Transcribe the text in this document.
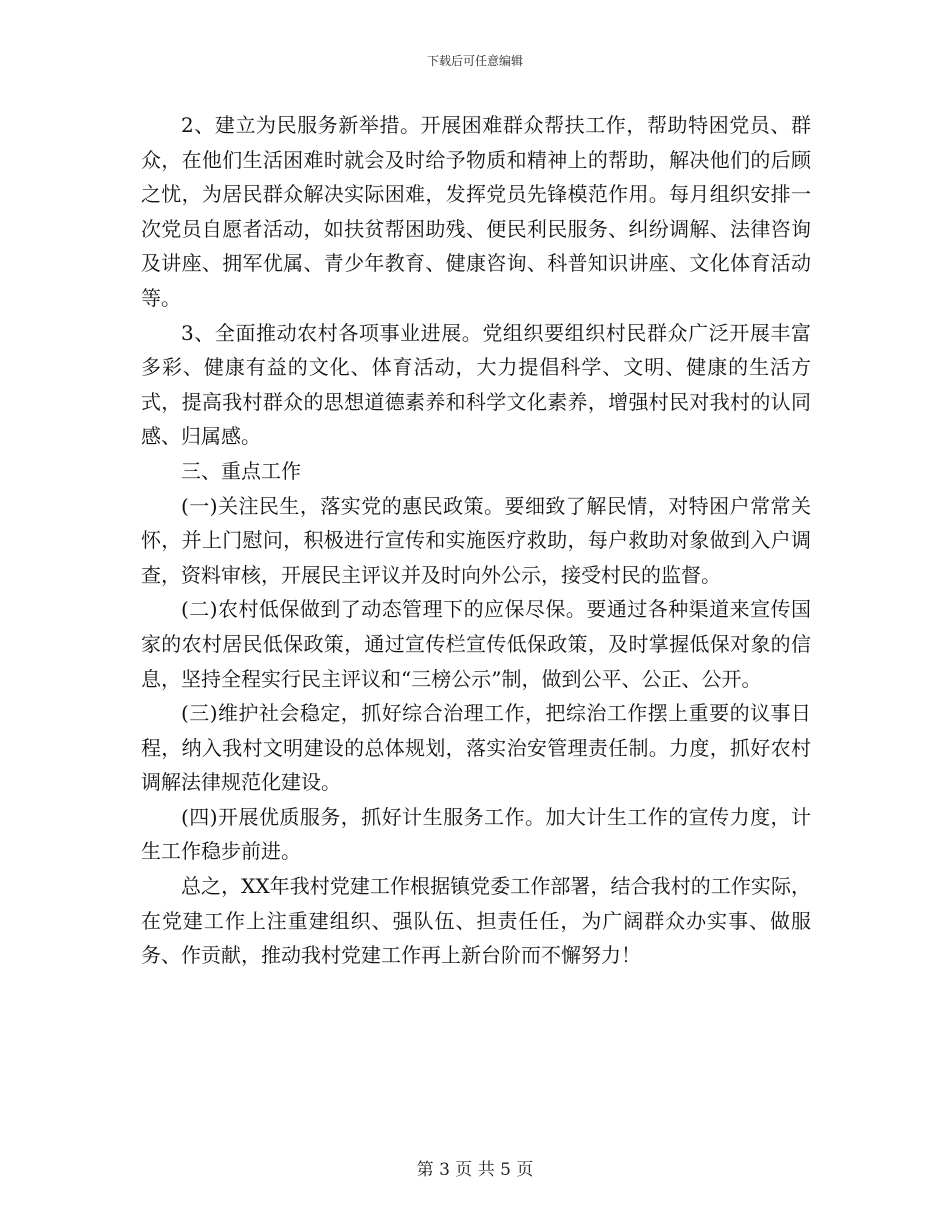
下载后可任意编辑

2、建立为民服务新举措。开展困难群众帮扶工作，帮助特困党员、群众，在他们生活困难时就会及时给予物质和精神上的帮助，解决他们的后顾之忧，为居民群众解决实际困难，发挥党员先锋模范作用。每月组织安排一次党员自愿者活动，如扶贫帮困助残、便民利民服务、纠纷调解、法律咨询及讲座、拥军优属、青少年教育、健康咨询、科普知识讲座、文化体育活动等。

3、全面推动农村各项事业进展。党组织要组织村民群众广泛开展丰富多彩、健康有益的文化、体育活动，大力提倡科学、文明、健康的生活方式，提高我村群众的思想道德素养和科学文化素养，增强村民对我村的认同感、归属感。

三、重点工作

(一)关注民生，落实党的惠民政策。要细致了解民情，对特困户常常关怀，并上门慰问，积极进行宣传和实施医疗救助，每户救助对象做到入户调查，资料审核，开展民主评议并及时向外公示，接受村民的监督。

(二)农村低保做到了动态管理下的应保尽保。要通过各种渠道来宣传国家的农村居民低保政策，通过宣传栏宣传低保政策，及时掌握低保对象的信息，坚持全程实行民主评议和“三榜公示”制，做到公平、公正、公开。

(三)维护社会稳定，抓好综合治理工作，把综治工作摆上重要的议事日程，纳入我村文明建设的总体规划，落实治安管理责任制。力度，抓好农村调解法律规范化建设。

(四)开展优质服务，抓好计生服务工作。加大计生工作的宣传力度，计生工作稳步前进。

总之，XX年我村党建工作根据镇党委工作部署，结合我村的工作实际，在党建工作上注重建组织、强队伍、担责任任，为广阔群众办实事、做服务、作贡献，推动我村党建工作再上新台阶而不懈努力！

第 3 页 共 5 页
